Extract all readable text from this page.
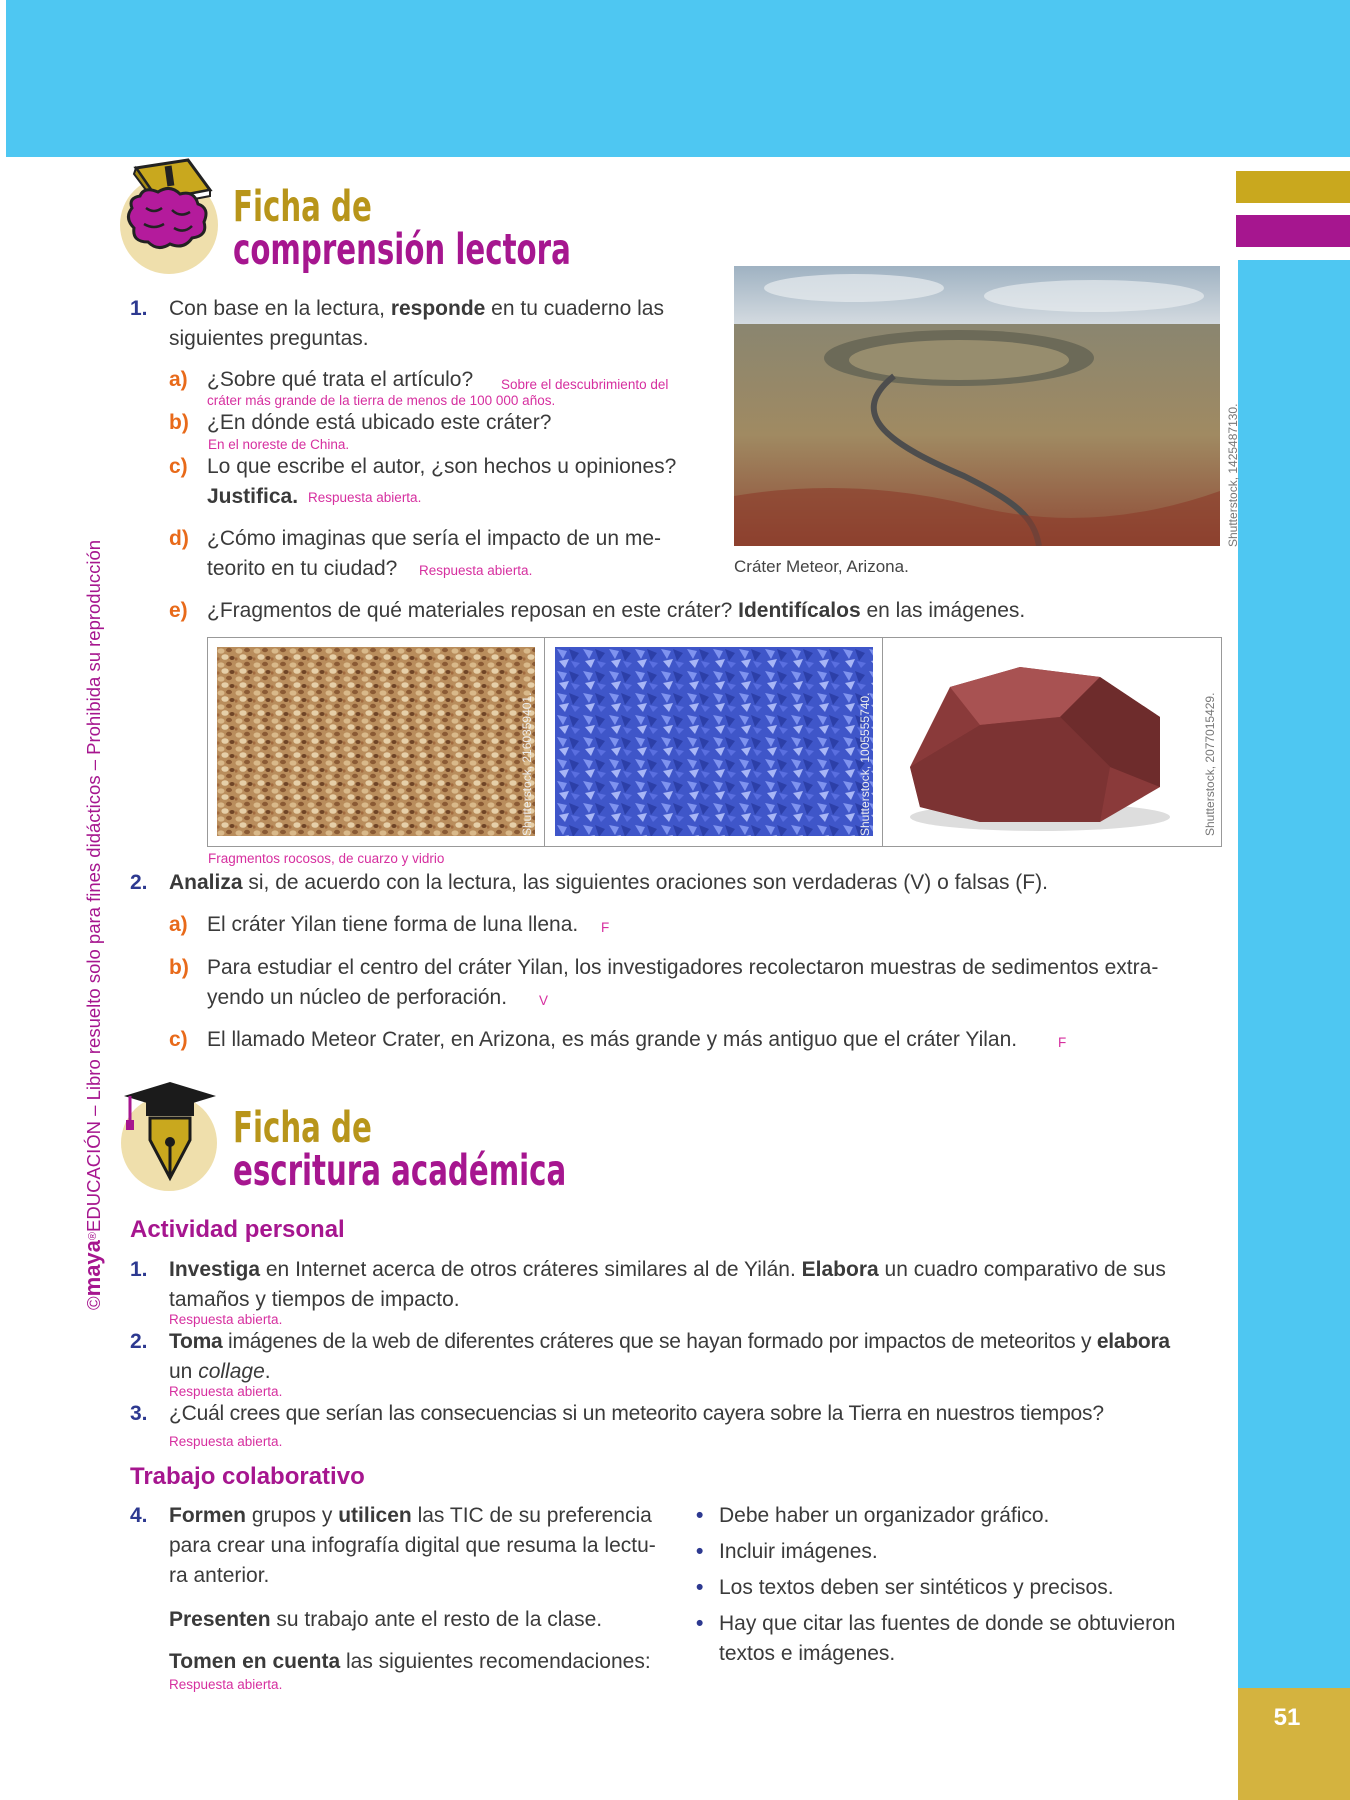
51
©maya®EDUCACIÓN – Libro resuelto solo para fines didácticos – Prohibida su reproducción
Ficha de
comprensión lectora
1. Con base en la lectura, responde en tu cuaderno las
siguientes preguntas.
a) ¿Sobre qué trata el artículo? Sobre el descubrimiento del
cráter más grande de la tierra de menos de 100 000 años.
b) ¿En dónde está ubicado este cráter?
En el noreste de China.
c) Lo que escribe el autor, ¿son hechos u opiniones?
Justifica. Respuesta abierta.
d) ¿Cómo imaginas que sería el impacto de un me-
teorito en tu ciudad? Respuesta abierta.
Shutterstock, 1425487130.
Cráter Meteor, Arizona.
e) ¿Fragmentos de qué materiales reposan en este cráter? Identifícalos en las imágenes.
Shutterstock, 2160359401.	Shutterstock, 1005555740.	Shutterstock, 2077015429.
Fragmentos rocosos, de cuarzo y vidrio
2. Analiza si, de acuerdo con la lectura, las siguientes oraciones son verdaderas (V) o falsas (F).
a) El cráter Yilan tiene forma de luna llena. F
b) Para estudiar el centro del cráter Yilan, los investigadores recolectaron muestras de sedimentos extra-
yendo un núcleo de perforación. V
c) El llamado Meteor Crater, en Arizona, es más grande y más antiguo que el cráter Yilan.	F
Ficha de
escritura académica
Actividad personal
1. Investiga en Internet acerca de otros cráteres similares al de Yilán. Elabora un cuadro comparativo de sus
tamaños y tiempos de impacto.
Respuesta abierta.
2. Toma imágenes de la web de diferentes cráteres que se hayan formado por impactos de meteoritos y elabora
un collage.
Respuesta abierta.
3. ¿Cuál crees que serían las consecuencias si un meteorito cayera sobre la Tierra en nuestros tiempos?
Respuesta abierta.
Trabajo colaborativo
4. Formen grupos y utilicen las TIC de su preferencia
para crear una infografía digital que resuma la lectu-
ra anterior.
Presenten su trabajo ante el resto de la clase.
Tomen en cuenta las siguientes recomendaciones:
Respuesta abierta.
• Debe haber un organizador gráfico.
• Incluir imágenes.
• Los textos deben ser sintéticos y precisos.
• Hay que citar las fuentes de donde se obtuvieron
textos e imágenes.
